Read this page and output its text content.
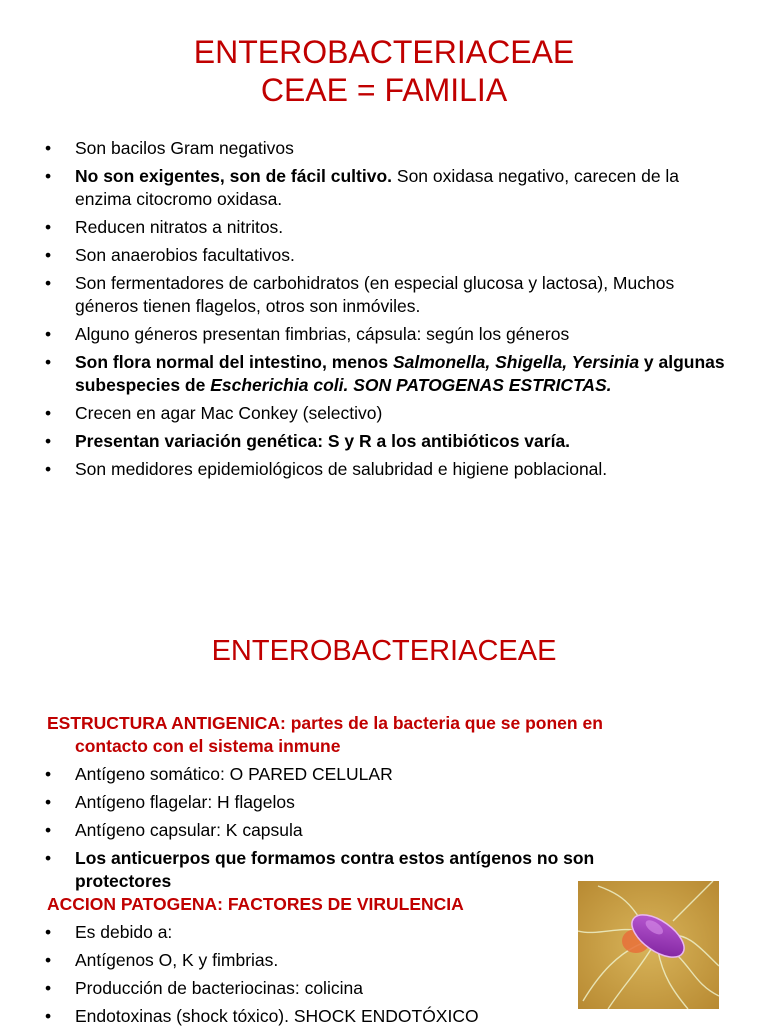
ENTEROBACTERIACEAE
CEAE = FAMILIA
• Son bacilos Gram negativos
• No son exigentes, son de fácil cultivo. Son oxidasa negativo, carecen de la enzima citocromo oxidasa.
• Reducen nitratos a nitritos.
• Son anaerobios facultativos.
• Son fermentadores de carbohidratos (en especial glucosa y lactosa), Muchos géneros tienen flagelos, otros son inmóviles.
• Alguno géneros presentan fimbrias, cápsula: según los géneros
• Son flora normal del intestino, menos Salmonella, Shigella, Yersinia y algunas subespecies de Escherichia coli. SON PATOGENAS ESTRICTAS.
• Crecen en agar Mac Conkey (selectivo)
• Presentan variación genética: S y R a los antibióticos varía.
• Son medidores epidemiológicos de salubridad e higiene poblacional.
ENTEROBACTERIACEAE
ESTRUCTURA ANTIGENICA: partes de la bacteria que se ponen en
contacto con el sistema inmune
• Antígeno somático: O PARED CELULAR
• Antígeno flagelar: H flagelos
• Antígeno capsular: K capsula
• Los anticuerpos que formamos contra estos antígenos no son protectores
ACCION PATOGENA: FACTORES DE VIRULENCIA
• Es debido a:
• Antígenos O, K y fimbrias.
• Producción de bacteriocinas: colicina
• Endotoxinas (shock tóxico). SHOCK ENDOTÓXICO
